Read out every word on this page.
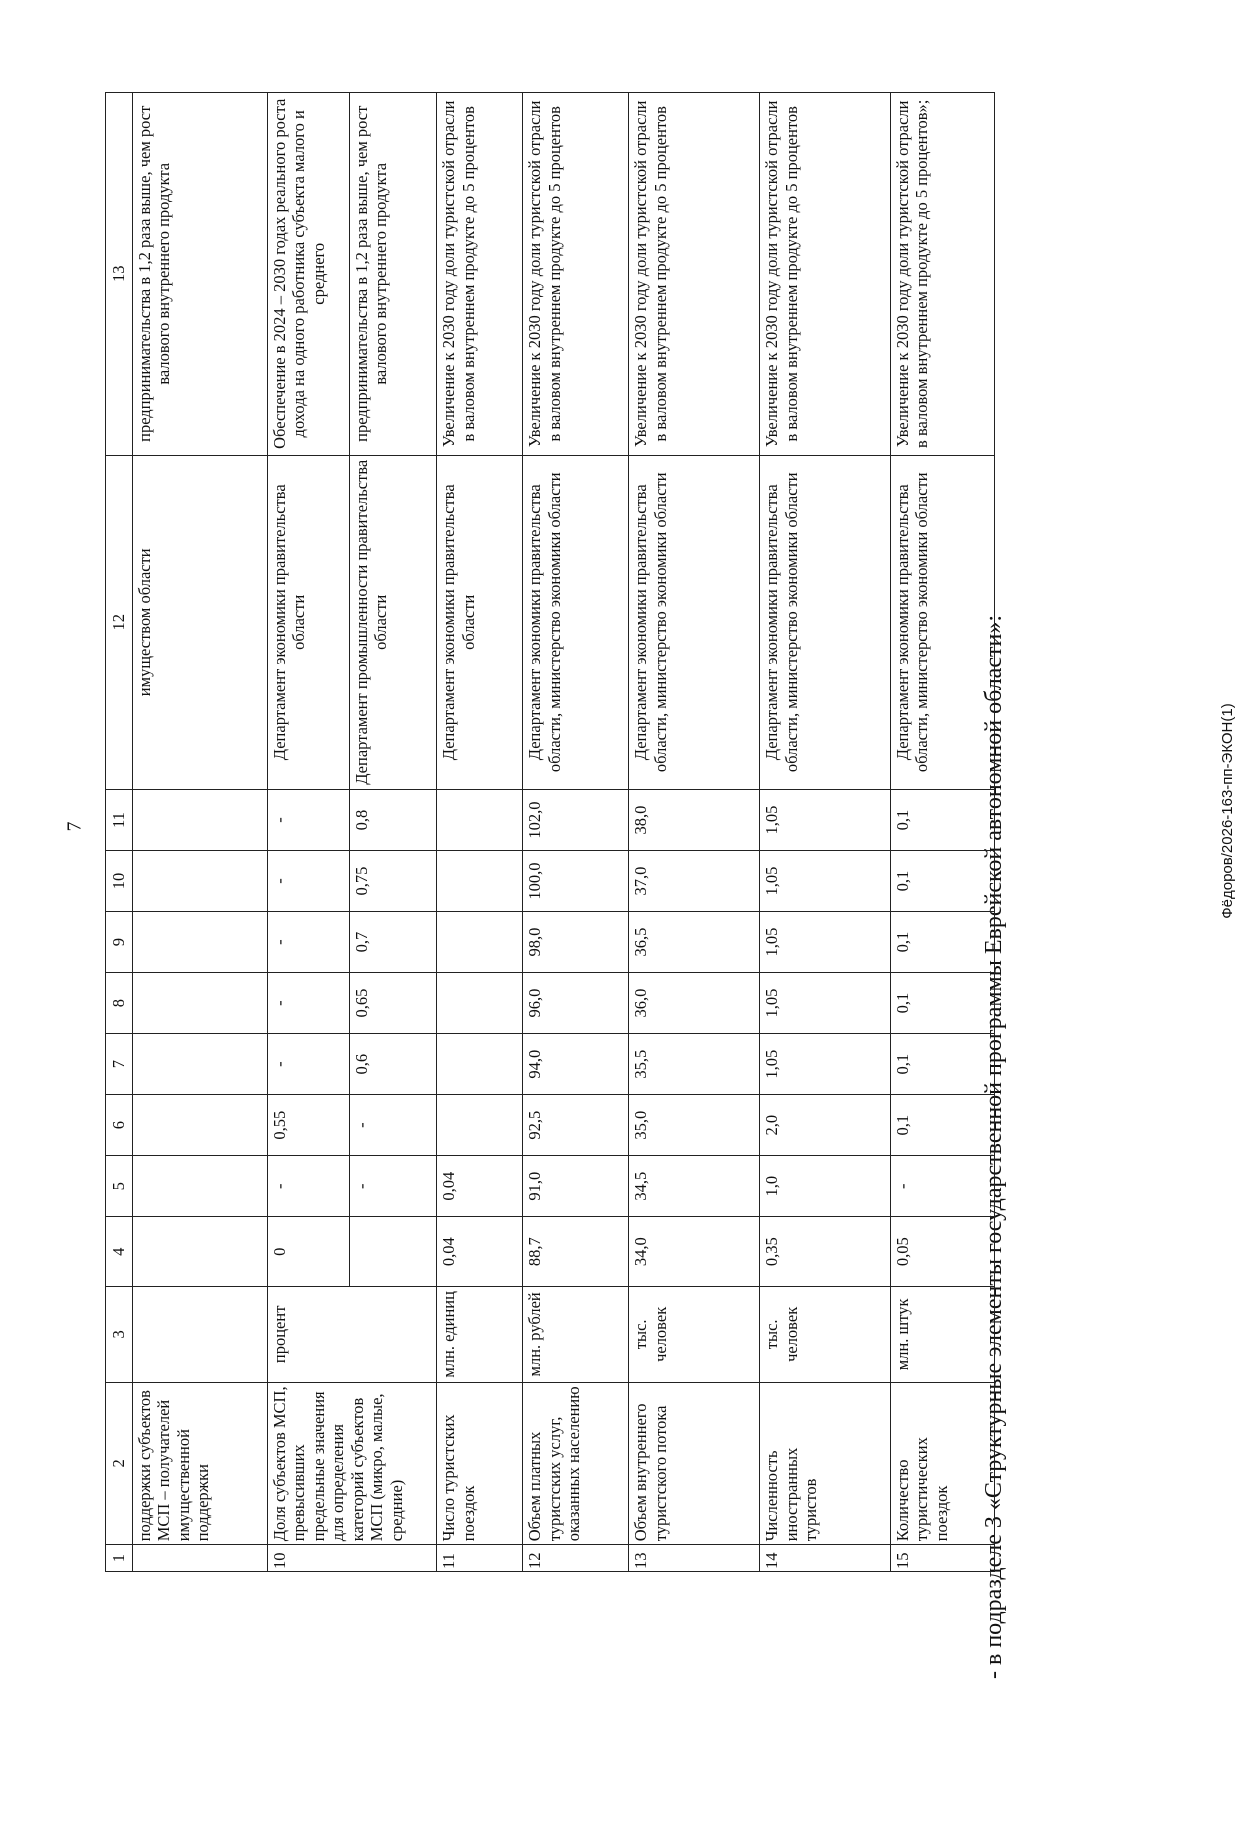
7	Фёдоров/2026-163-пп-ЭКОН(1)
- в подразделе 3 «Структурные элементы государственной программы Еврейской автономной области»:
1	2	3	4	5	6	7	8	9	10	11	12	13
	поддержки субъектов МСП – получателей имущественной поддержки										имуществом области	предпринимательства в 1,2 раза выше, чем рост валового внутреннего продукта
10	Доля субъектов МСП, превысивших предельные значения для определения категорий субъектов МСП (микро, малые, средние)	процент	0	-	0,55	-	-	-	-	-	Департамент экономики правительства области	Обеспечение в 2024 – 2030 годах реального роста дохода на одного работника субъекта малого и среднего
				-	-	0,6	0,65	0,7	0,75	0,8	Департамент промышленности правительства области	предпринимательства в 1,2 раза выше, чем рост валового внутреннего продукта
11	Число туристских поездок	млн. единиц	0,04	0,04							Департамент экономики правительства области	Увеличение к 2030 году доли туристской отрасли в валовом внутреннем продукте до 5 процентов
12	Объем платных туристских услуг, оказанных населению	млн. рублей	88,7	91,0	92,5	94,0	96,0	98,0	100,0	102,0	Департамент экономики правительства области, министерство экономики области	Увеличение к 2030 году доли туристской отрасли в валовом внутреннем продукте до 5 процентов
13	Объем внутреннего туристского потока	тыс. человек	34,0	34,5	35,0	35,5	36,0	36,5	37,0	38,0	Департамент экономики правительства области, министерство экономики области	Увеличение к 2030 году доли туристской отрасли в валовом внутреннем продукте до 5 процентов
14	Численность иностранных туристов	тыс. человек	0,35	1,0	2,0	1,05	1,05	1,05	1,05	1,05	Департамент экономики правительства области, министерство экономики области	Увеличение к 2030 году доли туристской отрасли в валовом внутреннем продукте до 5 процентов
15	Количество туристических поездок	млн. штук	0,05	-	0,1	0,1	0,1	0,1	0,1	0,1	Департамент экономики правительства области, министерство экономики области	Увеличение к 2030 году доли туристской отрасли в валовом внутреннем продукте до 5 процентов»;
